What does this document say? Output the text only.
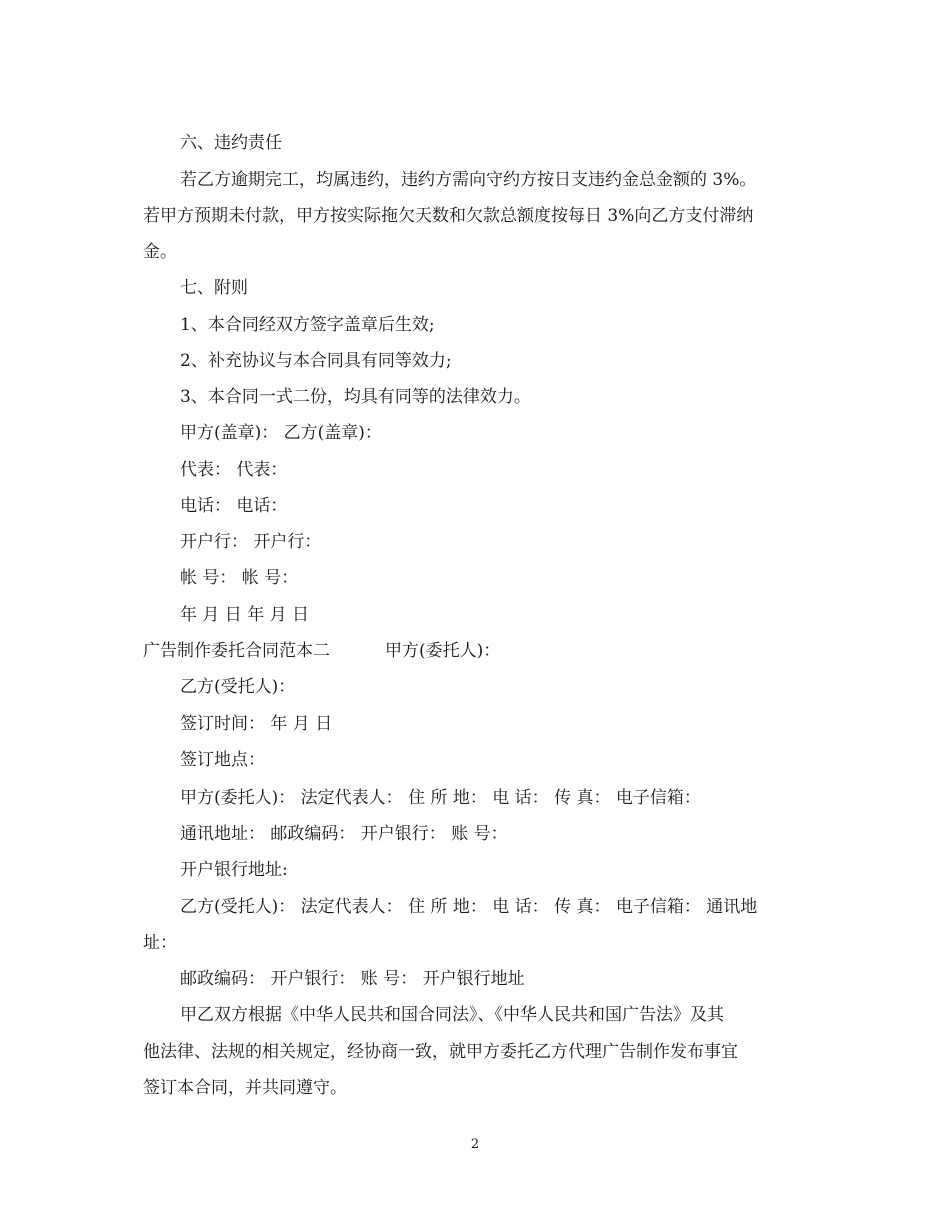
六、违约责任
若乙方逾期完工，均属违约，违约方需向守约方按日支违约金总金额的 3%。
若甲方预期未付款，甲方按实际拖欠天数和欠款总额度按每日 3%向乙方支付滞纳
金。
七、附则
1、本合同经双方签字盖章后生效;
2、补充协议与本合同具有同等效力;
3、本合同一式二份，均具有同等的法律效力。
甲方(盖章)： 乙方(盖章)：
代表： 代表：
电话： 电话：
开户行： 开户行：
帐 号： 帐 号：
年 月 日 年 月 日
广告制作委托合同范本二	甲方(委托人)：
乙方(受托人)：
签订时间： 年 月 日
签订地点：
甲方(委托人)： 法定代表人： 住 所 地： 电 话： 传 真： 电子信箱：
通讯地址： 邮政编码： 开户银行： 账 号：
开户银行地址:
乙方(受托人)： 法定代表人： 住 所 地： 电 话： 传 真： 电子信箱： 通讯地
址：
邮政编码： 开户银行： 账 号： 开户银行地址
甲乙双方根据《中华人民共和国合同法》、《中华人民共和国广告法》及其
他法律、法规的相关规定，经协商一致，就甲方委托乙方代理广告制作发布事宜
签订本合同，并共同遵守。
2
